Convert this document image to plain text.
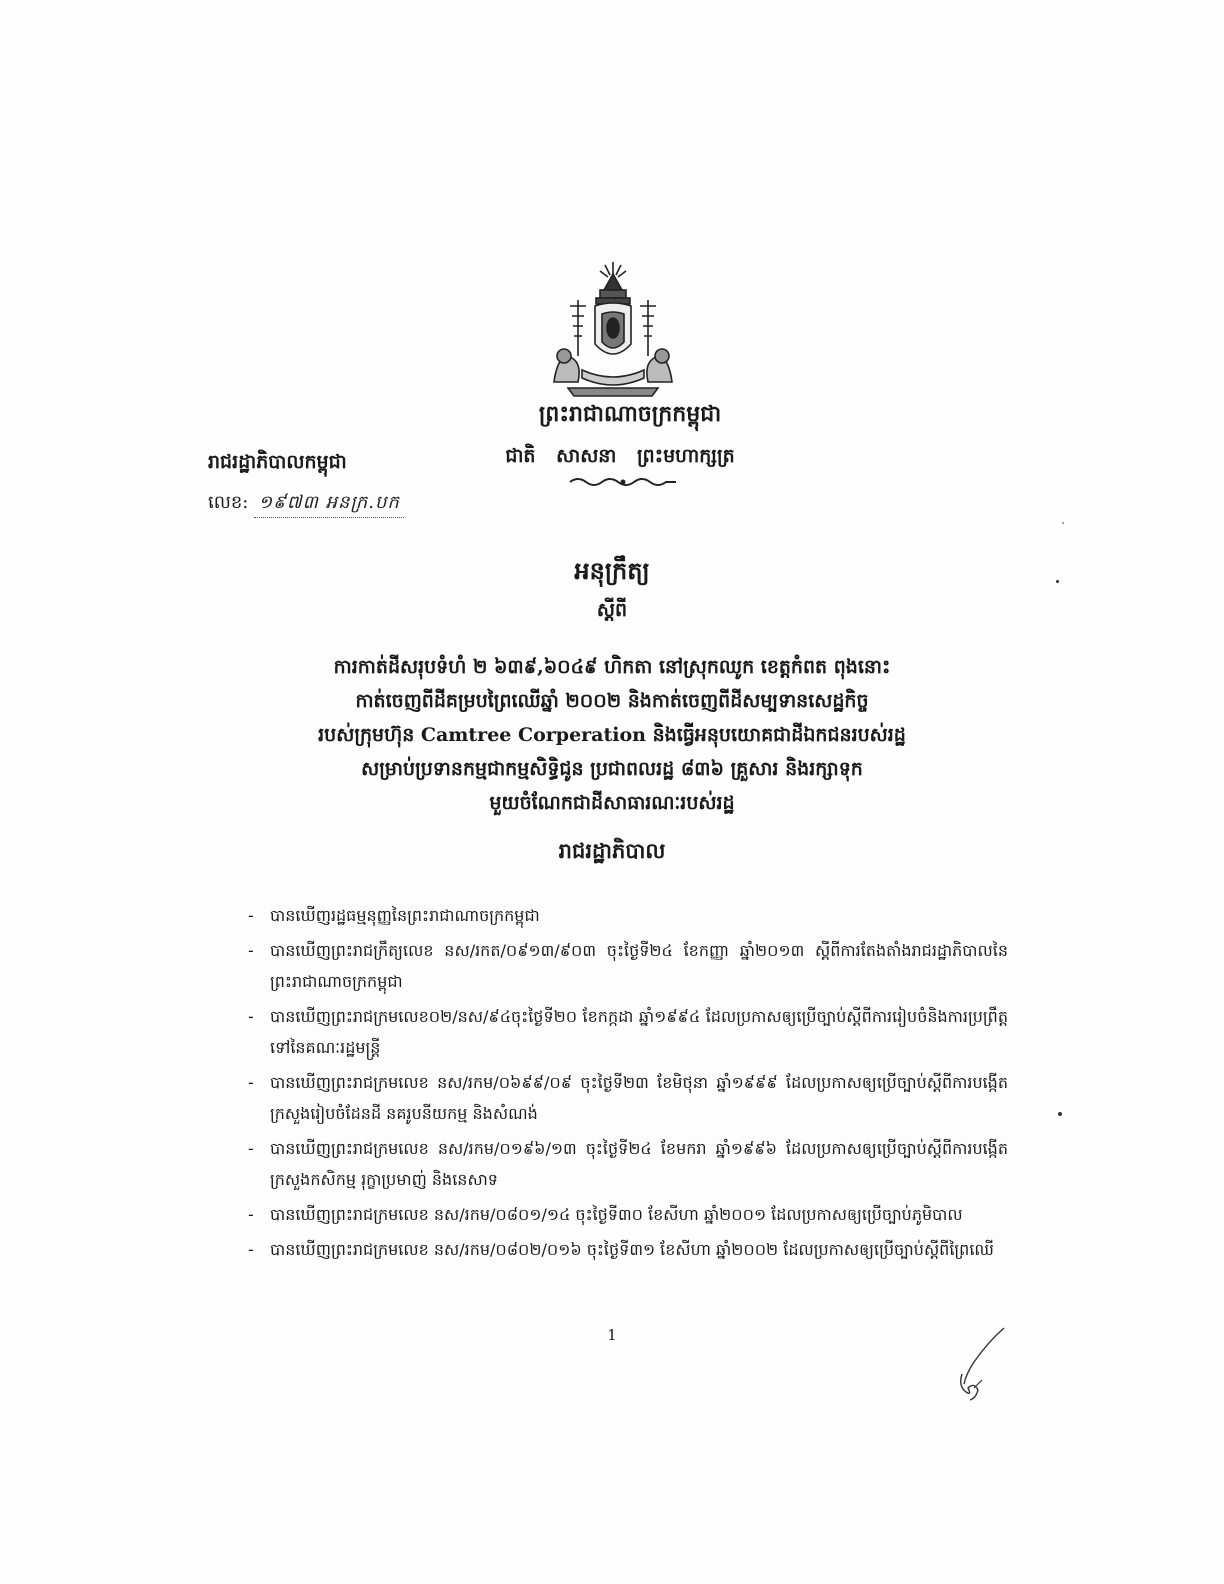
ព្រះរាជាណាចក្រកម្ពុជា
ជាតិ សាសនា ព្រះមហាក្សត្រ
រាជរដ្ឋាភិបាលកម្ពុជា
លេខ: ១៩៧៣ អនក្រ.បក
អនុក្រឹត្យ
ស្តីពី
ការកាត់ដីសរុបទំហំ ២ ៦៣៩,៦០៤៩ ហិកតា នៅស្រុកឈូក ខេត្តកំពត ពុងនោះ
កាត់ចេញពីដីគម្របព្រៃឈើឆ្នាំ ២០០២ និងកាត់ចេញពីដីសម្បទានសេដ្ឋកិច្ច
របស់ក្រុមហ៊ុន Camtree Corperation និងធ្វើអនុបយោគជាដីឯកជនរបស់រដ្ឋ
សម្រាប់ប្រទានកម្មជាកម្មសិទ្ធិជូន ប្រជាពលរដ្ឋ ៨៣៦ គ្រួសារ និងរក្សាទុក
មួយចំណែកជាដីសាធារណៈរបស់រដ្ឋ
រាជរដ្ឋាភិបាល
- បានឃើញរដ្ឋធម្មនុញ្ញនៃព្រះរាជាណាចក្រកម្ពុជា
- បានឃើញព្រះរាជក្រឹត្យលេខ នស/រកត/០៩១៣/៩០៣ ចុះថ្ងៃទី២៤ ខែកញ្ញា ឆ្នាំ២០១៣ ស្តីពីការតែងតាំងរាជរដ្ឋាភិបាលនៃព្រះរាជាណាចក្រកម្ពុជា
- បានឃើញព្រះរាជក្រមលេខ០២/នស/៩៤ចុះថ្ងៃទី២០ ខែកក្កដា ឆ្នាំ១៩៩៤ ដែលប្រកាសឲ្យប្រើច្បាប់ស្តីពីការរៀបចំនិងការប្រព្រឹត្តទៅនៃគណៈរដ្ឋមន្ត្រី
- បានឃើញព្រះរាជក្រមលេខ នស/រកម/០៦៩៩/០៩ ចុះថ្ងៃទី២៣ ខែមិថុនា ឆ្នាំ១៩៩៩ ដែលប្រកាសឲ្យប្រើច្បាប់ស្តីពីការបង្កើតក្រសួងរៀបចំដែនដី នគរូបនីយកម្ម និងសំណង់
- បានឃើញព្រះរាជក្រមលេខ នស/រកម/០១៩៦/១៣ ចុះថ្ងៃទី២៤ ខែមករា ឆ្នាំ១៩៩៦ ដែលប្រកាសឲ្យប្រើច្បាប់ស្តីពីការបង្កើតក្រសួងកសិកម្ម រុក្ខាប្រមាញ់ និងនេសាទ
- បានឃើញព្រះរាជក្រមលេខ នស/រកម/០៨០១/១៤ ចុះថ្ងៃទី៣០ ខែសីហា ឆ្នាំ២០០១ ដែលប្រកាសឲ្យប្រើច្បាប់ភូមិបាល
- បានឃើញព្រះរាជក្រមលេខ នស/រកម/០៨០២/០១៦ ចុះថ្ងៃទី៣១ ខែសីហា ឆ្នាំ២០០២ ដែលប្រកាសឲ្យប្រើច្បាប់ស្តីពីព្រៃឈើ
1
